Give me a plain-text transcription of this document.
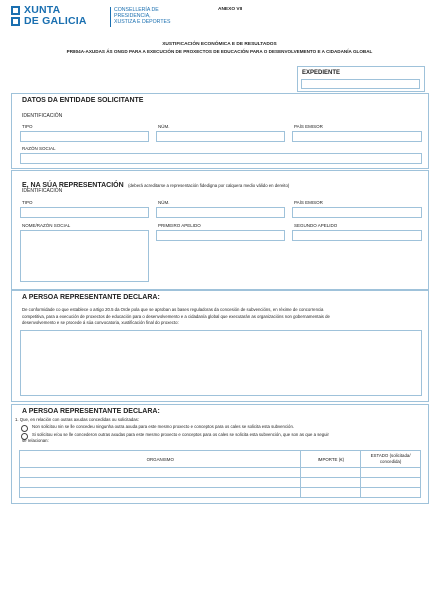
XUNTA
DE GALICIA
CONSELLERÍA DE
PRESIDENCIA,
XUSTIZA E DEPORTES
ANEXO VII
XUSTIFICACIÓN ECONÓMICA E DE RESULTADOS
PR804A-AXUDAS ÁS ONGD PARA A EXECUCIÓN DE PROXECTOS DE EDUCACIÓN PARA O DESENVOLVEMENTO E A CIDADANÍA GLOBAL
EXPEDIENTE
DATOS DA ENTIDADE SOLICITANTE
IDENTIFICACIÓN
TIPO	NÚM.	PAÍS EMISOR
RAZÓN SOCIAL
E, NA SÚA REPRESENTACIÓN (deberá acreditarse a representación fidedigna por calquera medio válido en dereito)
IDENTIFICACIÓN
TIPO	NÚM.	PAÍS EMISOR
NOME/RAZÓN SOCIAL	PRIMEIRO APELIDO	SEGUNDO APELIDO
A PERSOA REPRESENTANTE DECLARA:
De conformidade co que establece o artigo 20.5 da Orde pola que se aproban as bases reguladoras da concesión de subvencións, en réxime de concorrencia
competitiva, para a execución de proxectos de educación para o desenvolvemento e a cidadanía global que executarán as organizacións non gobernamentais de
desenvolvemento e se procede á súa convocatoria, xustificación final do proxecto:
A PERSOA REPRESENTANTE DECLARA:
1. Que, en relación con outras axudas concedidas ou solicitadas:
Non solicitou nin se lle concedeu ningunha outra axuda para este mesmo proxecto e conceptos para os cales se solicita esta subvención.
Si solicitou e/ou se lle concederon outras axudas para este mesmo proxecto e conceptos para os cales se solicita esta subvención, que son as que a seguir
se relacionan:
ORGANISMO	IMPORTE (€)	ESTADO (solicitada/
concedida)
